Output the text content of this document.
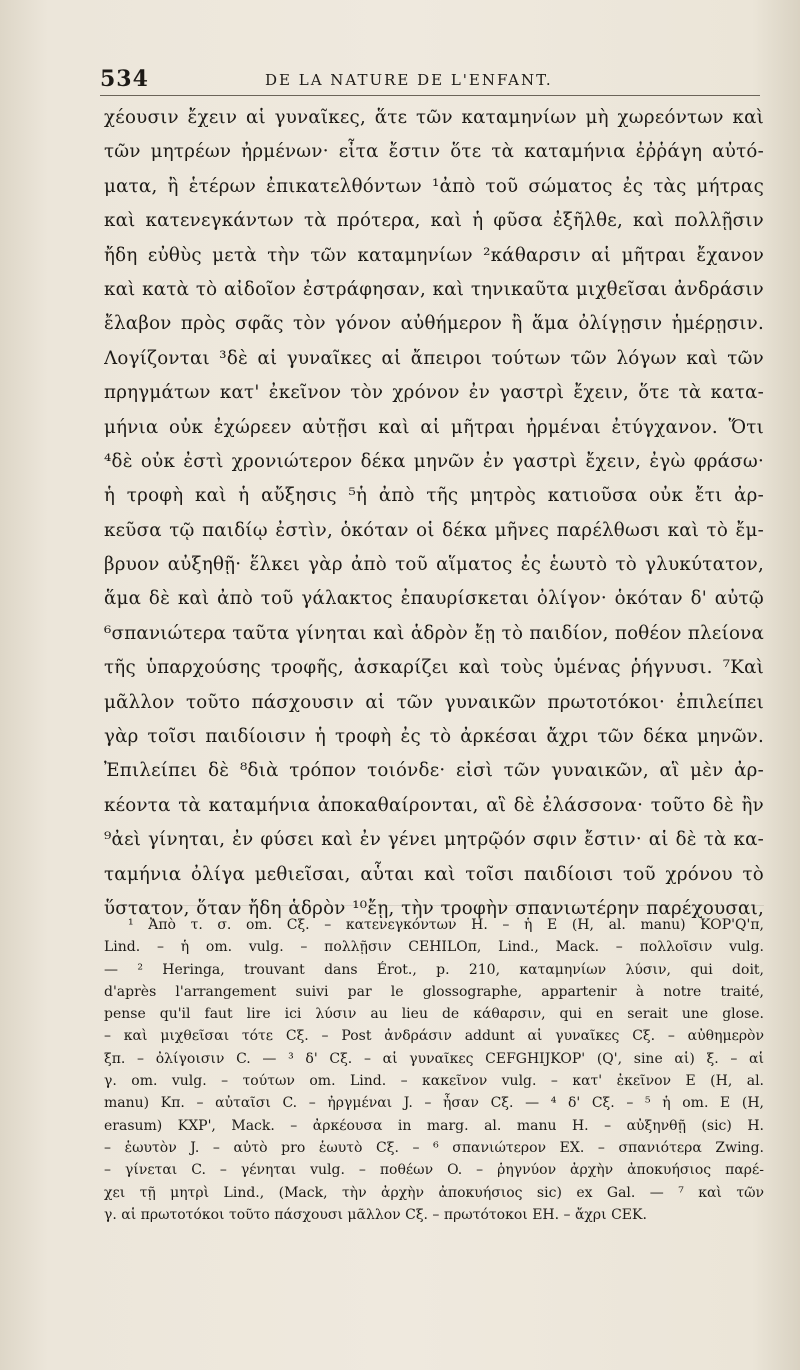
534	DE LA NATURE DE L'ENFANT.
χέουσιν ἔχειν αἱ γυναῖκες, ἅτε τῶν καταμηνίων μὴ χωρεόντων καὶ
τῶν μητρέων ἠρμένων· εἶτα ἔστιν ὅτε τὰ καταμήνια ἐῤῥάγη αὐτό-
ματα, ἢ ἑτέρων ἐπικατελθόντων ¹ἀπὸ τοῦ σώματος ἐς τὰς μήτρας
καὶ κατενεγκάντων τὰ πρότερα, καὶ ἡ φῦσα ἐξῆλθε, καὶ πολλῇσιν
ἤδη εὐθὺς μετὰ τὴν τῶν καταμηνίων ²κάθαρσιν αἱ μῆτραι ἔχανον
καὶ κατὰ τὸ αἰδοῖον ἐστράφησαν, καὶ τηνικαῦτα μιχθεῖσαι ἀνδράσιν
ἔλαβον πρὸς σφᾶς τὸν γόνον αὐθήμερον ἢ ἅμα ὀλίγῃσιν ἡμέρῃσιν.
Λογίζονται ³δὲ αἱ γυναῖκες αἱ ἄπειροι τούτων τῶν λόγων καὶ τῶν
πρηγμάτων κατ' ἐκεῖνον τὸν χρόνον ἐν γαστρὶ ἔχειν, ὅτε τὰ κατα-
μήνια οὐκ ἐχώρεεν αὐτῇσι καὶ αἱ μῆτραι ἠρμέναι ἐτύγχανον. Ὅτι
⁴δὲ οὐκ ἐστὶ χρονιώτερον δέκα μηνῶν ἐν γαστρὶ ἔχειν, ἐγὼ φράσω·
ἡ τροφὴ καὶ ἡ αὔξησις ⁵ἡ ἀπὸ τῆς μητρὸς κατιοῦσα οὐκ ἔτι ἀρ-
κεῦσα τῷ παιδίῳ ἐστὶν, ὁκόταν οἱ δέκα μῆνες παρέλθωσι καὶ τὸ ἔμ-
βρυον αὐξηθῇ· ἕλκει γὰρ ἀπὸ τοῦ αἵματος ἐς ἑωυτὸ τὸ γλυκύτατον,
ἅμα δὲ καὶ ἀπὸ τοῦ γάλακτος ἐπαυρίσκεται ὀλίγον· ὁκόταν δ' αὐτῷ
⁶σπανιώτερα ταῦτα γίνηται καὶ ἁδρὸν ἔῃ τὸ παιδίον, ποθέον πλείονα
τῆς ὑπαρχούσης τροφῆς, ἀσκαρίζει καὶ τοὺς ὑμένας ῥήγνυσι. ⁷Καὶ
μᾶλλον τοῦτο πάσχουσιν αἱ τῶν γυναικῶν πρωτοτόκοι· ἐπιλείπει
γὰρ τοῖσι παιδίοισιν ἡ τροφὴ ἐς τὸ ἀρκέσαι ἄχρι τῶν δέκα μηνῶν.
Ἐπιλείπει δὲ ⁸διὰ τρόπον τοιόνδε· εἰσὶ τῶν γυναικῶν, αἳ μὲν ἀρ-
κέοντα τὰ καταμήνια ἀποκαθαίρονται, αἳ δὲ ἐλάσσονα· τοῦτο δὲ ἢν
⁹ἀεὶ γίνηται, ἐν φύσει καὶ ἐν γένει μητρῷόν σφιν ἔστιν· αἱ δὲ τὰ κα-
ταμήνια ὀλίγα μεθιεῖσαι, αὗται καὶ τοῖσι παιδίοισι τοῦ χρόνου τὸ
ὕστατον, ὅταν ἤδη ἁδρὸν ¹⁰ἔῃ, τὴν τροφὴν σπανιωτέρην παρέχουσαι,
¹ Ἀπὸ τ. σ. om. Cξ. – κατενεγκόντων H. – ἡ E (H, al. manu) KOP'Q'π,
Lind. – ἡ om. vulg. – πολλῇσιν CEHILOπ, Lind., Mack. – πολλοῖσιν vulg.
— ² Heringa, trouvant dans Érot., p. 210, καταμηνίων λύσιν, qui doit,
d'après l'arrangement suivi par le glossographe, appartenir à notre traité,
pense qu'il faut lire ici λύσιν au lieu de κάθαρσιν, qui en serait une glose.
– καὶ μιχθεῖσαι τότε Cξ. – Post ἀνδράσιν addunt αἱ γυναῖκες Cξ. – αὐθημερὸν
ξπ. – ὀλίγοισιν C. — ³ δ' Cξ. – αἱ γυναῖκες CEFGHIJKOP' (Q', sine αἱ) ξ. – αἱ
γ. om. vulg. – τούτων om. Lind. – κακεῖνον vulg. – κατ' ἐκεῖνον E (H, al.
manu) Kπ. – αὐταῖσι C. – ἠργμέναι J. – ἦσαν Cξ. — ⁴ δ' Cξ. – ⁵ ἡ om. E (H,
erasum) KXP', Mack. – ἀρκέουσα in marg. al. manu H. – αὐξηνθῇ (sic) H.
– ἑωυτὸν J. – αὐτὸ pro ἑωυτὸ Cξ. – ⁶ σπανιώτερον EX. – σπανιότερα Zwing.
– γίνεται C. – γένηται vulg. – ποθέων O. – ῥηγνύον ἀρχὴν ἀποκυήσιος παρέ-
χει τῇ μητρὶ Lind., (Mack, τὴν ἀρχὴν ἀποκυήσιος sic) ex Gal. — ⁷ καὶ τῶν
γ. αἱ πρωτοτόκοι τοῦτο πάσχουσι μᾶλλον Cξ. – πρωτότοκοι EH. – ἄχρι CEK.
